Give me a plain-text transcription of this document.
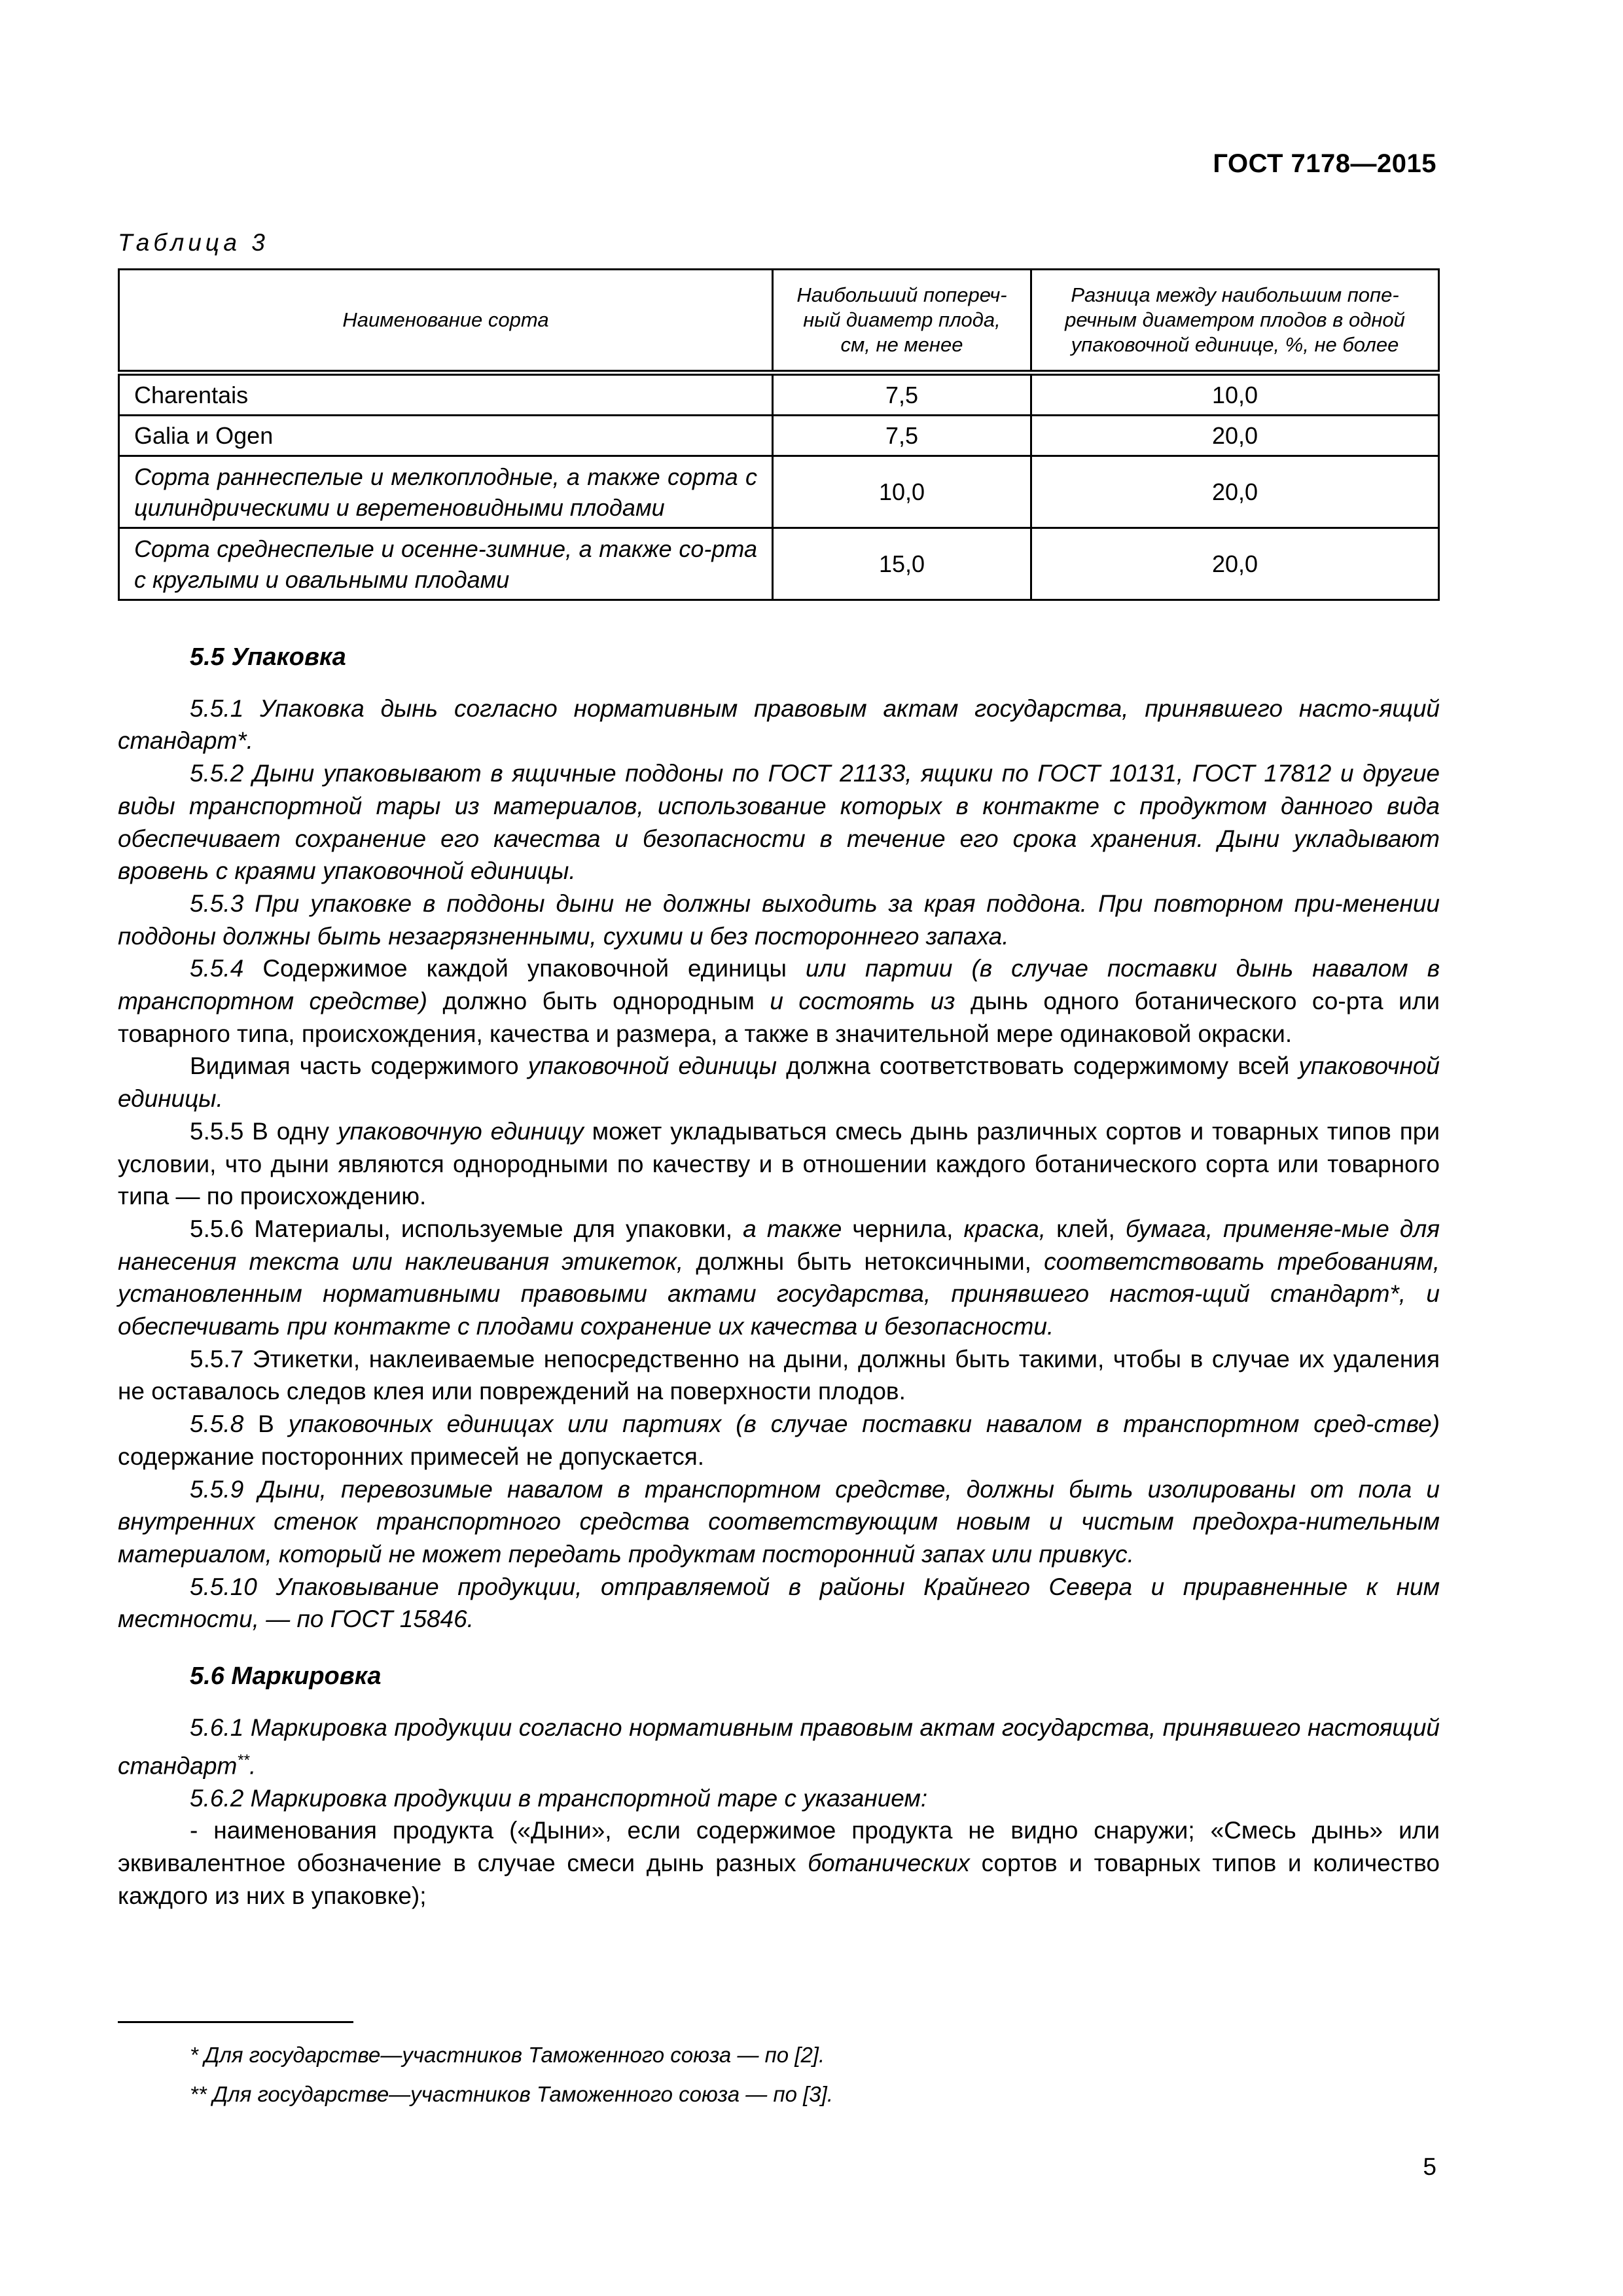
ГОСТ 7178—2015
Таблица 3
Наименование сорта	Наибольший попереч-ный диаметр плода, см, не менее	Разница между наибольшим попе-речным диаметром плодов в одной упаковочной единице, %, не более
Charentais	7,5	10,0
Galia и Ogen	7,5	20,0
Сорта раннеспелые и мелкоплодные, а также сорта с цилиндрическими и веретеновидными плодами	10,0	20,0
Сорта среднеспелые и осенне-зимние, а также со-рта с круглыми и овальными плодами	15,0	20,0
5.5 Упаковка

5.5.1 Упаковка дынь согласно нормативным правовым актам государства, принявшего насто-ящий стандарт*.

5.5.2 Дыни упаковывают в ящичные поддоны по ГОСТ 21133, ящики по ГОСТ 10131, ГОСТ 17812 и другие виды транспортной тары из материалов, использование которых в контакте с продуктом данного вида обеспечивает сохранение его качества и безопасности в течение его срока хранения. Дыни укладывают вровень с краями упаковочной единицы.

5.5.3 При упаковке в поддоны дыни не должны выходить за края поддона. При повторном при-менении поддоны должны быть незагрязненными, сухими и без постороннего запаха.

5.5.4 Содержимое каждой упаковочной единицы или партии (в случае поставки дынь навалом в транспортном средстве) должно быть однородным и состоять из дынь одного ботанического со-рта или товарного типа, происхождения, качества и размера, а также в значительной мере одинаковой окраски.

Видимая часть содержимого упаковочной единицы должна соответствовать содержимому всей упаковочной единицы.

5.5.5 В одну упаковочную единицу может укладываться смесь дынь различных сортов и товарных типов при условии, что дыни являются однородными по качеству и в отношении каждого ботанического сорта или товарного типа — по происхождению.

5.5.6 Материалы, используемые для упаковки, а также чернила, краска, клей, бумага, применяе-мые для нанесения текста или наклеивания этикеток, должны быть нетоксичными, соответствовать требованиям, установленным нормативными правовыми актами государства, принявшего настоя-щий стандарт*, и обеспечивать при контакте с плодами сохранение их качества и безопасности.

5.5.7 Этикетки, наклеиваемые непосредственно на дыни, должны быть такими, чтобы в случае их удаления не оставалось следов клея или повреждений на поверхности плодов.

5.5.8 В упаковочных единицах или партиях (в случае поставки навалом в транспортном сред-стве) содержание посторонних примесей не допускается.

5.5.9 Дыни, перевозимые навалом в транспортном средстве, должны быть изолированы от пола и внутренних стенок транспортного средства соответствующим новым и чистым предохра-нительным материалом, который не может передать продуктам посторонний запах или привкус.

5.5.10 Упаковывание продукции, отправляемой в районы Крайнего Севера и приравненные к ним местности, — по ГОСТ 15846.

5.6 Маркировка

5.6.1 Маркировка продукции согласно нормативным правовым актам государства, принявшего настоящий стандарт**.

5.6.2 Маркировка продукции в транспортной таре с указанием:

- наименования продукта («Дыни», если содержимое продукта не видно снаружи; «Смесь дынь» или эквивалентное обозначение в случае смеси дынь разных ботанических сортов и товарных типов и количество каждого из них в упаковке);

* Для государстве—участников Таможенного союза — по [2].

** Для государстве—участников Таможенного союза — по [3].

5
